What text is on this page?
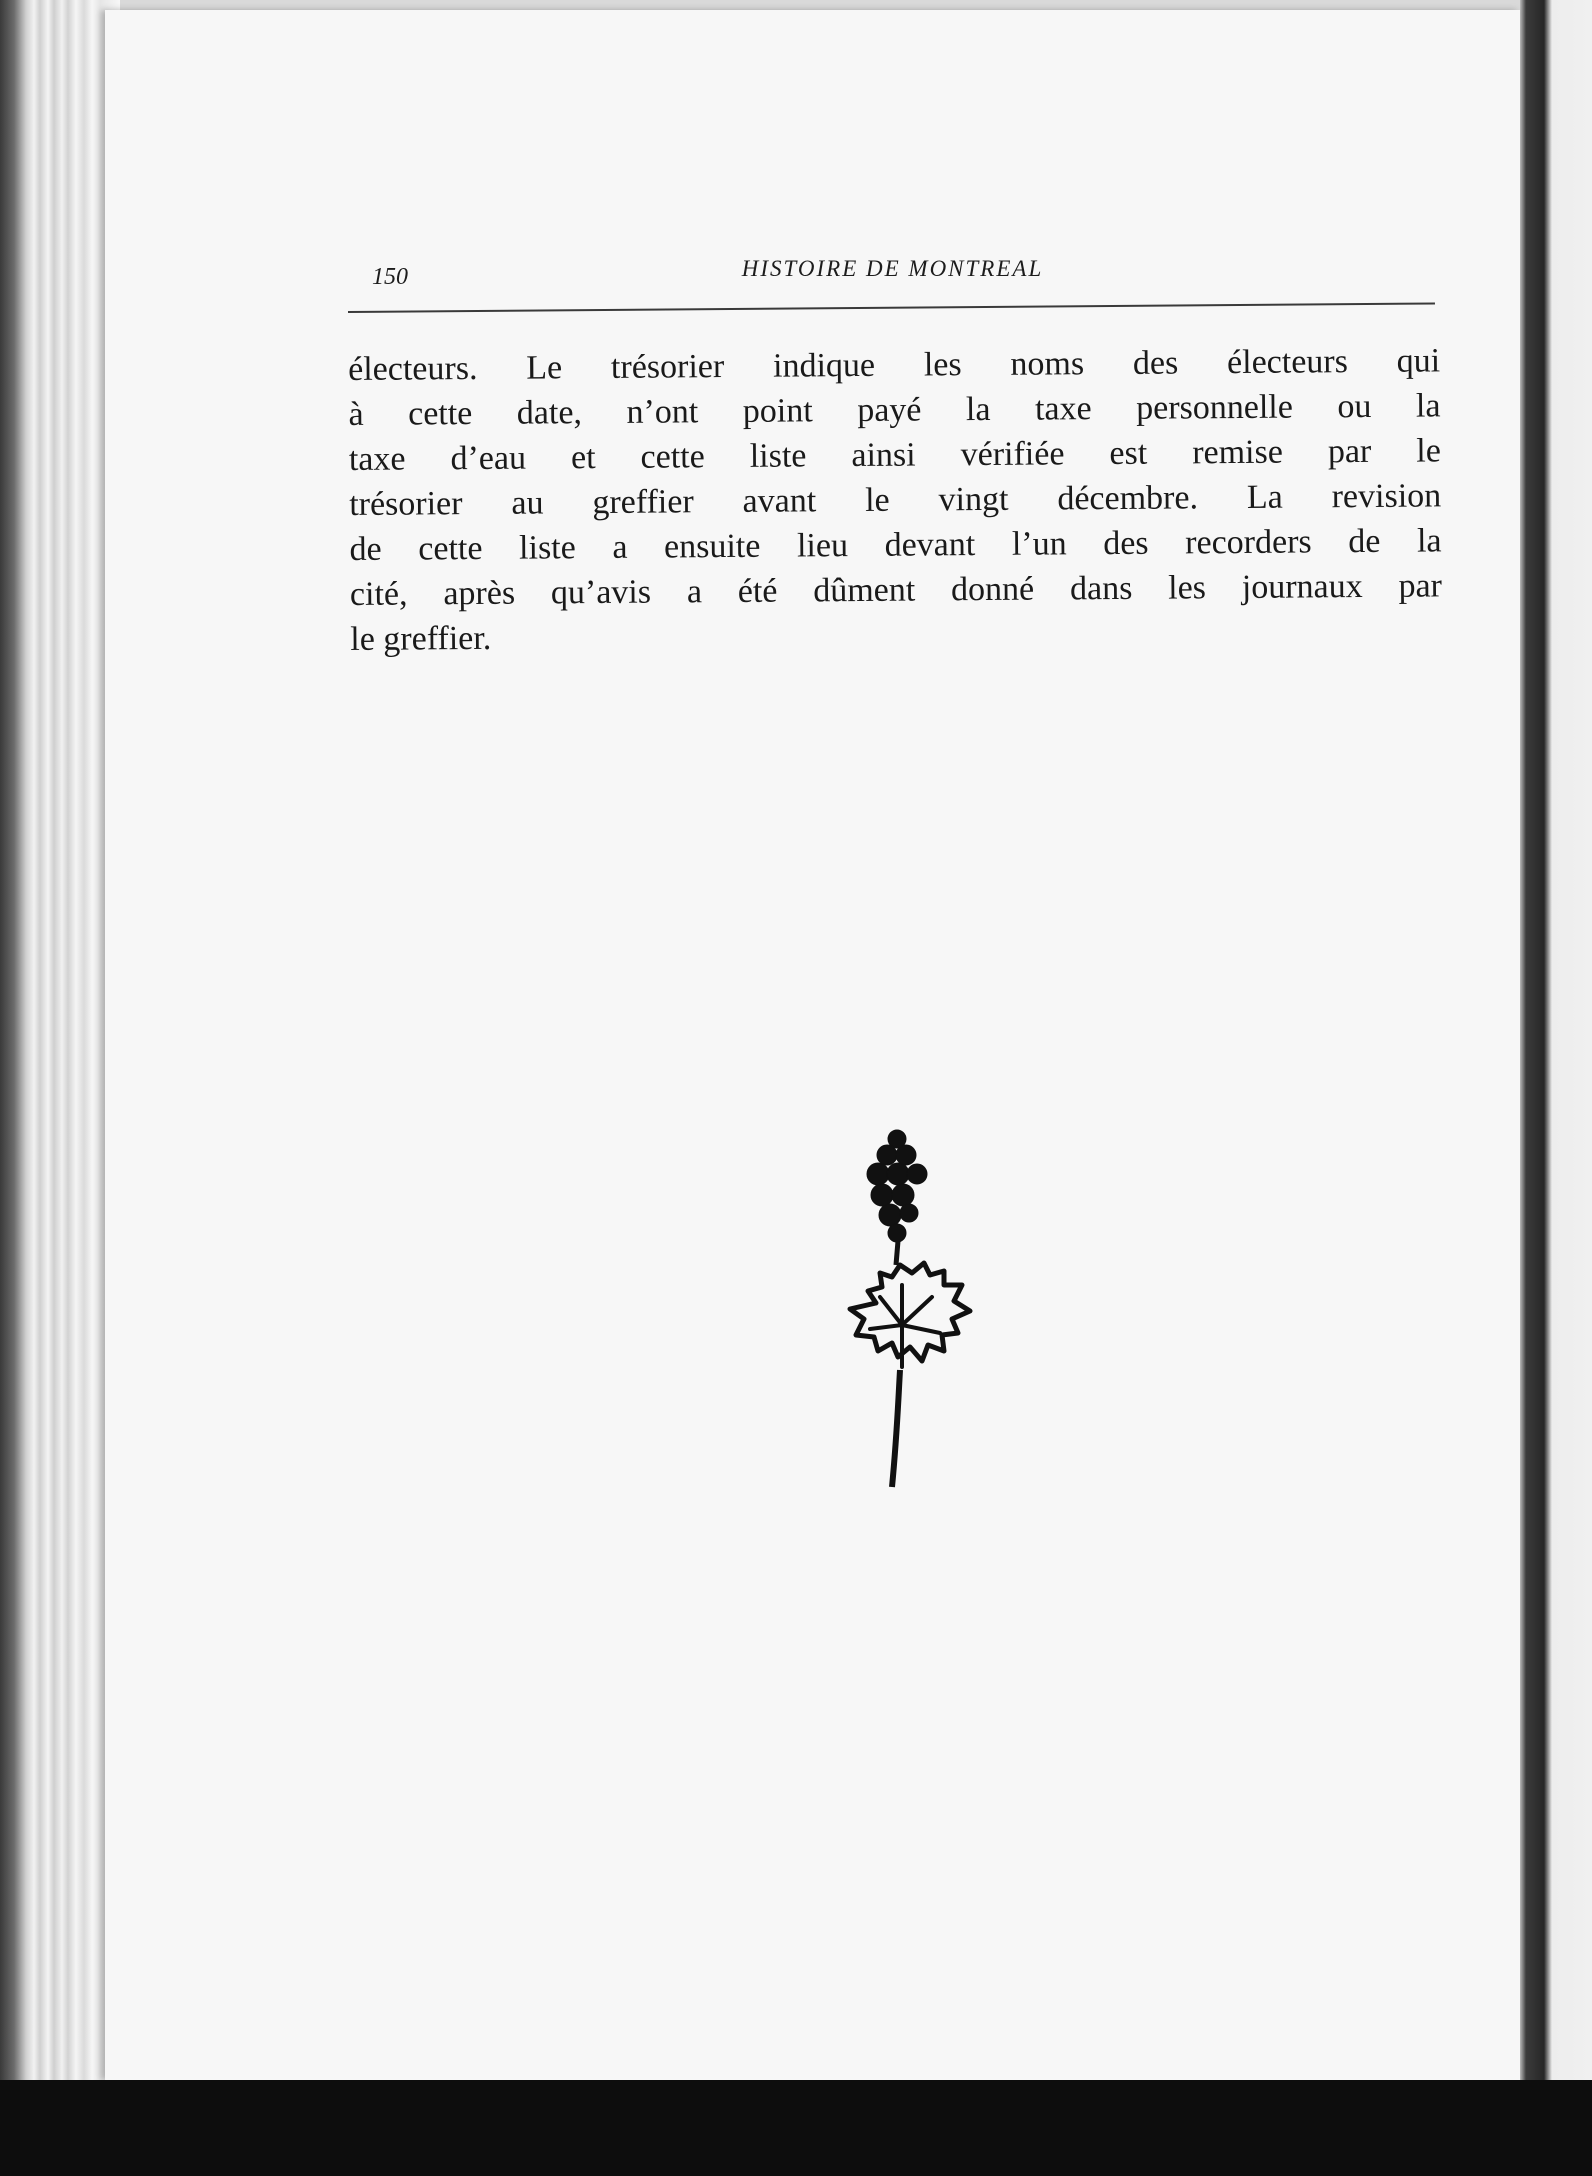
150	HISTOIRE DE MONTREAL
électeurs. Le trésorier indique les noms des électeurs qui
à cette date, n’ont point payé la taxe personnelle ou la
taxe d’eau et cette liste ainsi vérifiée est remise par le
trésorier au greffier avant le vingt décembre. La revision
de cette liste a ensuite lieu devant l’un des recorders de la
cité, après qu’avis a été dûment donné dans les journaux par
le greffier.
